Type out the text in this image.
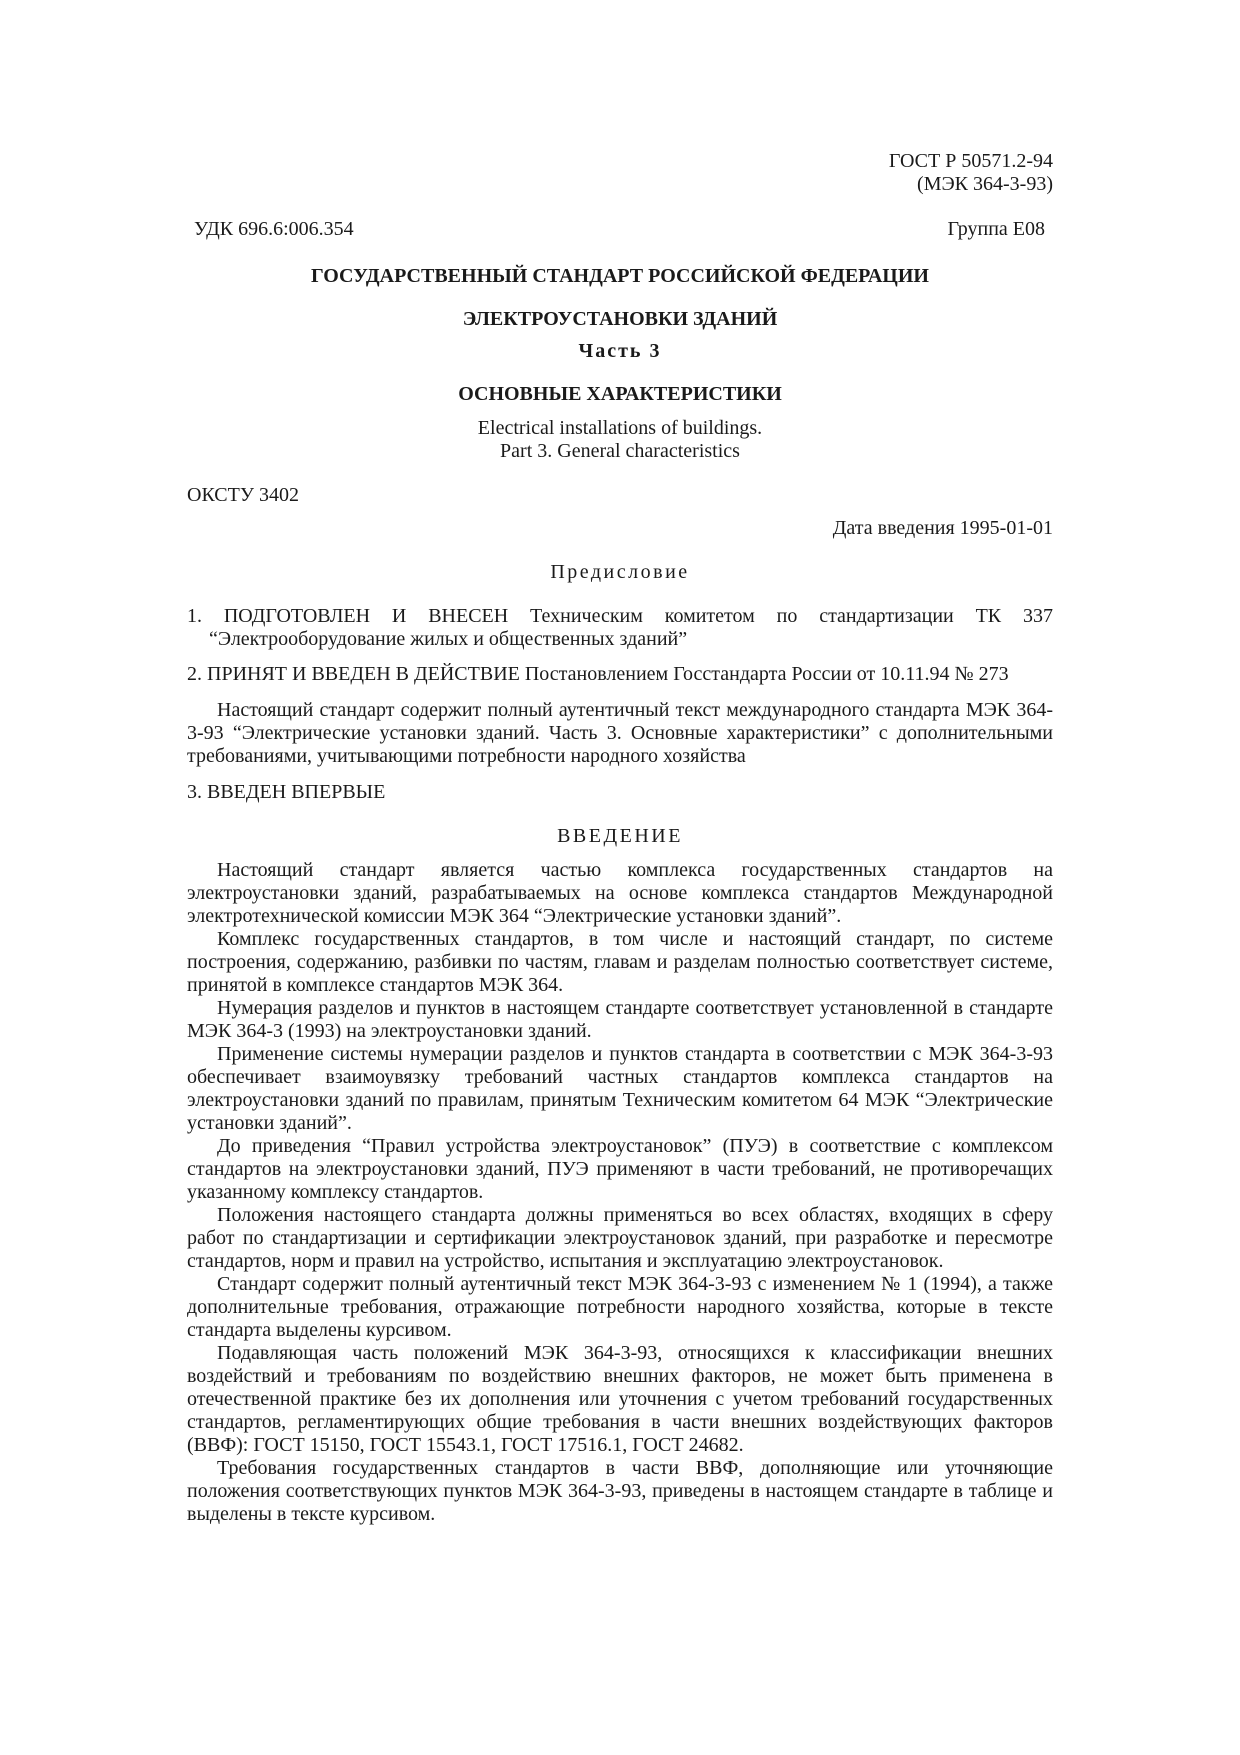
ГОСТ Р 50571.2-94
(МЭК 364-3-93)
УДК 696.6:006.354	Группа Е08
ГОСУДАРСТВЕННЫЙ СТАНДАРТ РОССИЙСКОЙ ФЕДЕРАЦИИ
ЭЛЕКТРОУСТАНОВКИ ЗДАНИЙ
Часть 3
ОСНОВНЫЕ ХАРАКТЕРИСТИКИ
Electrical installations of buildings.
Part 3. General characteristics
ОКСТУ 3402
Дата введения 1995-01-01
Предисловие
1. ПОДГОТОВЛЕН И ВНЕСЕН Техническим комитетом по стандартизации ТК 337
“Электрооборудование жилых и общественных зданий”
2. ПРИНЯТ И ВВЕДЕН В ДЕЙСТВИЕ Постановлением Госстандарта России от 10.11.94 № 273
Настоящий стандарт содержит полный аутентичный текст международного стандарта МЭК 364-3-93 “Электрические установки зданий. Часть 3. Основные характеристики” с дополнительными требованиями, учитывающими потребности народного хозяйства
3. ВВЕДЕН ВПЕРВЫЕ
ВВЕДЕНИЕ

Настоящий стандарт является частью комплекса государственных стандартов на электроустановки зданий, разрабатываемых на основе комплекса стандартов Международной электротехнической комиссии МЭК 364 “Электрические установки зданий”.

Комплекс государственных стандартов, в том числе и настоящий стандарт, по системе построения, содержанию, разбивки по частям, главам и разделам полностью соответствует системе, принятой в комплексе стандартов МЭК 364.

Нумерация разделов и пунктов в настоящем стандарте соответствует установленной в стандарте МЭК 364-3 (1993) на электроустановки зданий.

Применение системы нумерации разделов и пунктов стандарта в соответствии с МЭК 364-3-93 обеспечивает взаимоувязку требований частных стандартов комплекса стандартов на электроустановки зданий по правилам, принятым Техническим комитетом 64 МЭК “Электрические установки зданий”.

До приведения “Правил устройства электроустановок” (ПУЭ) в соответствие с комплексом стандартов на электроустановки зданий, ПУЭ применяют в части требований, не противоречащих указанному комплексу стандартов.

Положения настоящего стандарта должны применяться во всех областях, входящих в сферу работ по стандартизации и сертификации электроустановок зданий, при разработке и пересмотре стандартов, норм и правил на устройство, испытания и эксплуатацию электроустановок.

Стандарт содержит полный аутентичный текст МЭК 364-3-93 с изменением № 1 (1994), а также дополнительные требования, отражающие потребности народного хозяйства, которые в тексте стандарта выделены курсивом.

Подавляющая часть положений МЭК 364-3-93, относящихся к классификации внешних воздействий и требованиям по воздействию внешних факторов, не может быть применена в отечественной практике без их дополнения или уточнения с учетом требований государственных стандартов, регламентирующих общие требования в части внешних воздействующих факторов (ВВФ): ГОСТ 15150, ГОСТ 15543.1, ГОСТ 17516.1, ГОСТ 24682.

Требования государственных стандартов в части ВВФ, дополняющие или уточняющие положения соответствующих пунктов МЭК 364-3-93, приведены в настоящем стандарте в таблице и выделены в тексте курсивом.
